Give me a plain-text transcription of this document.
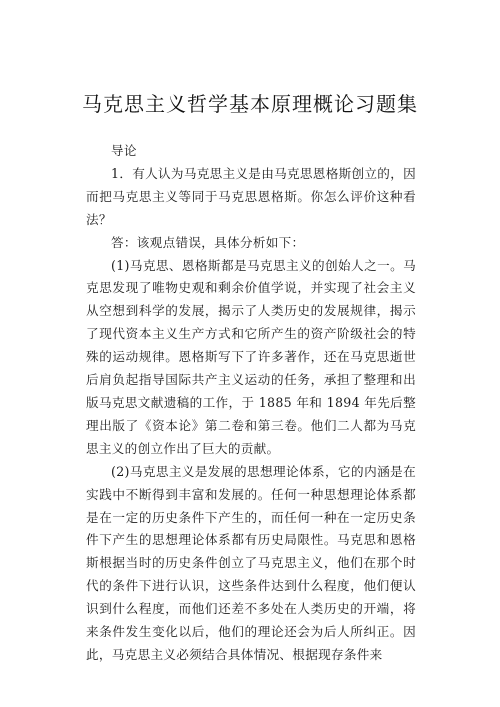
马克思主义哲学基本原理概论习题集

导论

1．有人认为马克思主义是由马克思恩格斯创立的，因而把马克思主义等同于马克思恩格斯。你怎么评价这种看法？

答：该观点错误，具体分析如下：

(1)马克思、恩格斯都是马克思主义的创始人之一。马克思发现了唯物史观和剩余价值学说，并实现了社会主义从空想到科学的发展，揭示了人类历史的发展规律，揭示了现代资本主义生产方式和它所产生的资产阶级社会的特殊的运动规律。恩格斯写下了许多著作，还在马克思逝世后肩负起指导国际共产主义运动的任务，承担了整理和出版马克思文献遗稿的工作，于 1885 年和 1894 年先后整理出版了《资本论》第二卷和第三卷。他们二人都为马克思主义的创立作出了巨大的贡献。

(2)马克思主义是发展的思想理论体系，它的内涵是在实践中不断得到丰富和发展的。任何一种思想理论体系都是在一定的历史条件下产生的，而任何一种在一定历史条件下产生的思想理论体系都有历史局限性。马克思和恩格斯根据当时的历史条件创立了马克思主义，他们在那个时代的条件下进行认识，这些条件达到什么程度，他们便认识到什么程度，而他们还差不多处在人类历史的开端，将来条件发生变化以后，他们的理论还会为后人所纠正。因此，马克思主义必须结合具体情况、根据现存条件来
